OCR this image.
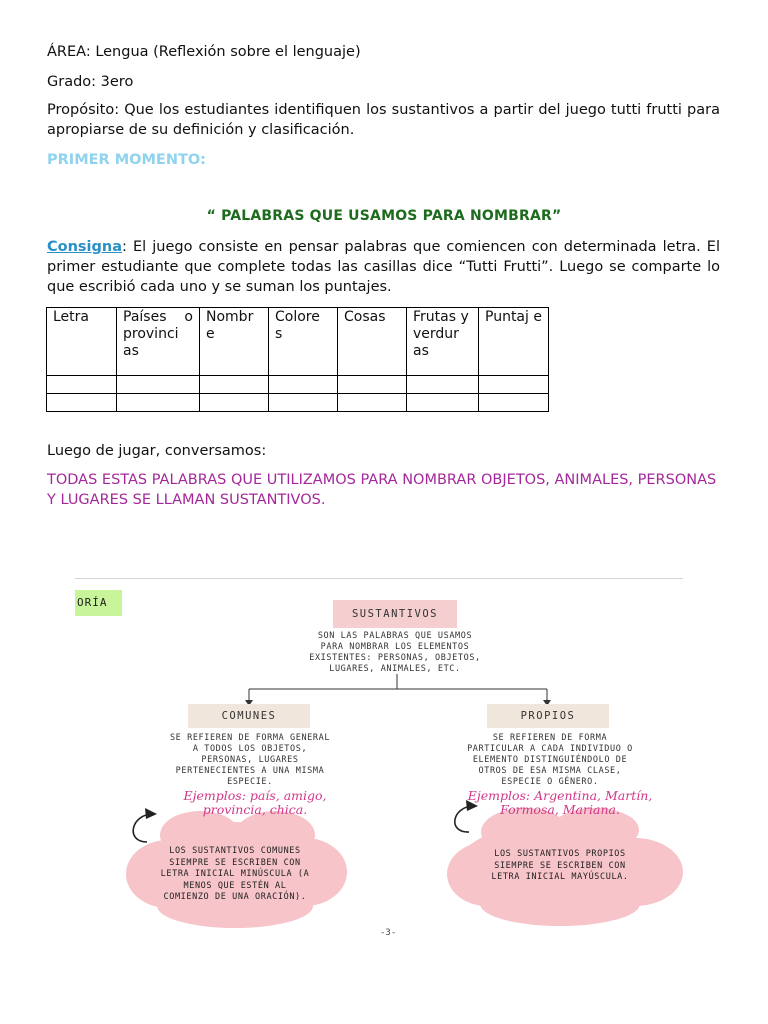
ÁREA: Lengua (Reflexión sobre el lenguaje)
Grado: 3ero
Propósito: Que los estudiantes identifiquen los sustantivos a partir del juego tutti frutti para apropiarse de su definición y clasificación.
PRIMER MOMENTO:
“ PALABRAS QUE USAMOS PARA NOMBRAR”
Consigna: El juego consiste en pensar palabras que comiencen con determinada letra. El primer estudiante que complete todas las casillas dice “Tutti Frutti”. Luego se comparte lo que escribió cada uno y se suman los puntajes.
Letra	Países o provinci as	Nombr e	Colore s	Cosas	Frutas y verdur as	Puntaj e

Luego de jugar, conversamos:
TODAS ESTAS PALABRAS QUE UTILIZAMOS PARA NOMBRAR OBJETOS, ANIMALES, PERSONAS Y LUGARES SE LLAMAN SUSTANTIVOS.
ORÍA
SUSTANTIVOS
SON LAS PALABRAS QUE USAMOS
PARA NOMBRAR LOS ELEMENTOS
EXISTENTES: PERSONAS, OBJETOS,
LUGARES, ANIMALES, ETC.
COMUNES
SE REFIEREN DE FORMA GENERAL
A TODOS LOS OBJETOS,
PERSONAS, LUGARES
PERTENECIENTES A UNA MISMA
ESPECIE.
Ejemplos: país, amigo,
provincia, chica.
LOS SUSTANTIVOS COMUNES
SIEMPRE SE ESCRIBEN CON
LETRA INICIAL MINÚSCULA (A
MENOS QUE ESTÉN AL
COMIENZO DE UNA ORACIÓN).
PROPIOS
SE REFIEREN DE FORMA
PARTICULAR A CADA INDIVIDUO O
ELEMENTO DISTINGUIÉNDOLO DE
OTROS DE ESA MISMA CLASE,
ESPECIE O GÉNERO.
Ejemplos: Argentina, Martín,
Formosa, Mariana.
LOS SUSTANTIVOS PROPIOS
SIEMPRE SE ESCRIBEN CON
LETRA INICIAL MAYÚSCULA.
-3-
